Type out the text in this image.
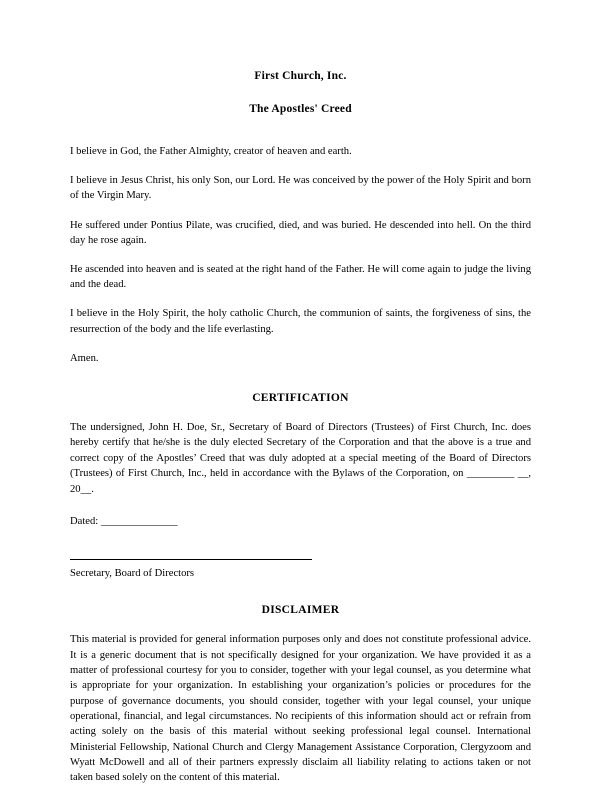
First Church, Inc.
The Apostles' Creed

I believe in God, the Father Almighty, creator of heaven and earth.

I believe in Jesus Christ, his only Son, our Lord. He was conceived by the power of the Holy Spirit and born of the Virgin Mary.

He suffered under Pontius Pilate, was crucified, died, and was buried. He descended into hell. On the third day he rose again.

He ascended into heaven and is seated at the right hand of the Father. He will come again to judge the living and the dead.

I believe in the Holy Spirit, the holy catholic Church, the communion of saints, the forgiveness of sins, the resurrection of the body and the life everlasting.

Amen.

CERTIFICATION

The undersigned, John H. Doe, Sr., Secretary of Board of Directors (Trustees) of First Church, Inc. does hereby certify that he/she is the duly elected Secretary of the Corporation and that the above is a true and correct copy of the Apostles’ Creed that was duly adopted at a special meeting of the Board of Directors (Trustees) of First Church, Inc., held in accordance with the Bylaws of the Corporation, on _________ __, 20__.

Dated: _______________

Secretary, Board of Directors

DISCLAIMER

This material is provided for general information purposes only and does not constitute professional advice. It is a generic document that is not specifically designed for your organization. We have provided it as a matter of professional courtesy for you to consider, together with your legal counsel, as you determine what is appropriate for your organization. In establishing your organization’s policies or procedures for the purpose of governance documents, you should consider, together with your legal counsel, your unique operational, financial, and legal circumstances. No recipients of this information should act or refrain from acting solely on the basis of this material without seeking professional legal counsel. International Ministerial Fellowship, National Church and Clergy Management Assistance Corporation, Clergyzoom and Wyatt McDowell and all of their partners expressly disclaim all liability relating to actions taken or not taken based solely on the content of this material.
